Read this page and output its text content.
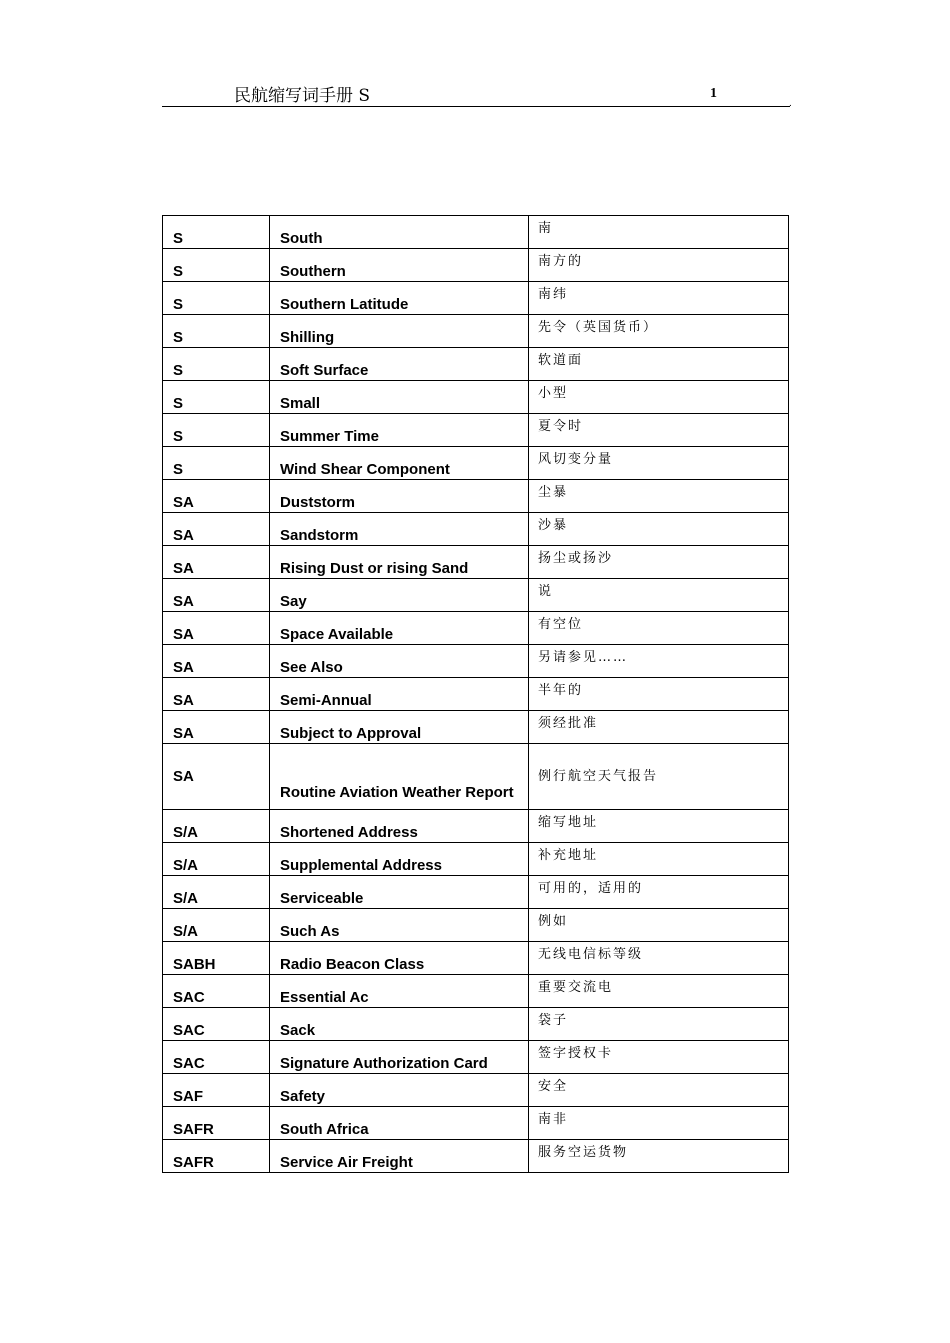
民航缩写词手册 S	1
.
S	South	南
S	Southern	南方的
S	Southern Latitude	南纬
S	Shilling	先令（英国货币）
S	Soft Surface	软道面
S	Small	小型
S	Summer Time	夏令时
S	Wind Shear Component	风切变分量
SA	Duststorm	尘暴
SA	Sandstorm	沙暴
SA	Rising Dust or rising Sand	扬尘或扬沙
SA	Say	说
SA	Space Available	有空位
SA	See Also	另请参见……
SA	Semi-Annual	半年的
SA	Subject to Approval	须经批准
SA	Routine Aviation Weather Report	例行航空天气报告
S/A	Shortened Address	缩写地址
S/A	Supplemental Address	补充地址
S/A	Serviceable	可用的，适用的
S/A	Such As	例如
SABH	Radio Beacon Class	无线电信标等级
SAC	Essential Ac	重要交流电
SAC	Sack	袋子
SAC	Signature Authorization Card	签字授权卡
SAF	Safety	安全
SAFR	South Africa	南非
SAFR	Service Air Freight	服务空运货物
